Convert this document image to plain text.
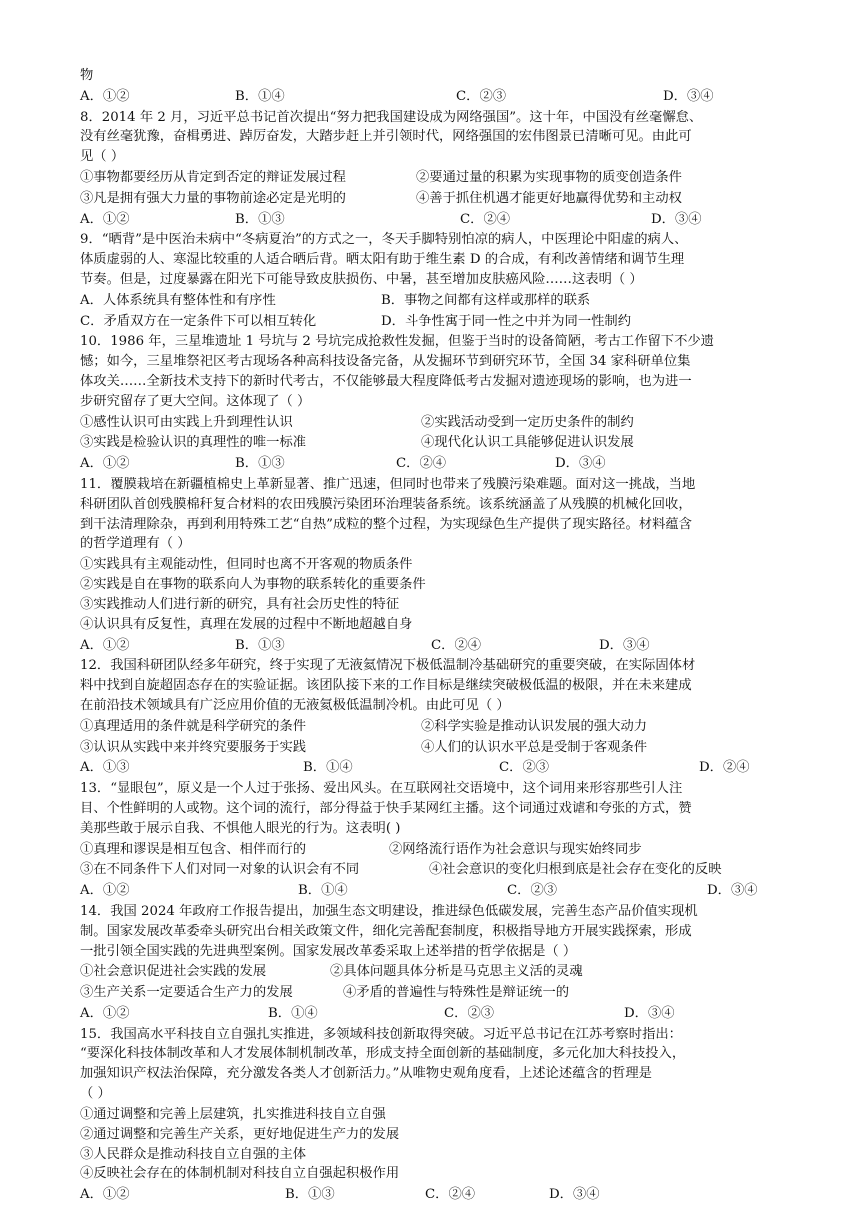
物
A．①②	B．①④	C．②③	D．③④
8．2014 年 2 月，习近平总书记首次提出“努力把我国建设成为网络强国”。这十年，中国没有丝毫懈怠、
没有丝毫犹豫，奋楫勇进、踔厉奋发，大踏步赶上并引领时代，网络强国的宏伟图景已清晰可见。由此可
见（ ）
①事物都要经历从肯定到否定的辩证发展过程	②要通过量的积累为实现事物的质变创造条件
③凡是拥有强大力量的事物前途必定是光明的	④善于抓住机遇才能更好地赢得优势和主动权
A．①②	B．①③	C．②④	D．③④
9．“晒背”是中医治未病中“冬病夏治”的方式之一，冬天手脚特别怕凉的病人，中医理论中阳虚的病人、
体质虚弱的人、寒湿比较重的人适合晒后背。晒太阳有助于维生素 D 的合成，有利改善情绪和调节生理
节奏。但是，过度暴露在阳光下可能导致皮肤损伤、中暑，甚至增加皮肤癌风险……这表明（ ）
A．人体系统具有整体性和有序性	B．事物之间都有这样或那样的联系
C．矛盾双方在一定条件下可以相互转化	D．斗争性寓于同一性之中并为同一性制约
10．1986 年，三星堆遗址 1 号坑与 2 号坑完成抢救性发掘，但鉴于当时的设备简陋，考古工作留下不少遗
憾；如今，三星堆祭祀区考古现场各种高科技设备完备，从发掘环节到研究环节，全国 34 家科研单位集
体攻关……全新技术支持下的新时代考古，不仅能够最大程度降低考古发掘对遗迹现场的影响，也为进一
步研究留存了更大空间。这体现了（ ）
①感性认识可由实践上升到理性认识	②实践活动受到一定历史条件的制约
③实践是检验认识的真理性的唯一标准	④现代化认识工具能够促进认识发展
A．①②	B．①③	C．②④	D．③④
11．覆膜栽培在新疆植棉史上革新显著、推广迅速，但同时也带来了残膜污染难题。面对这一挑战，当地
科研团队首创残膜棉秆复合材料的农田残膜污染团环治理装备系统。该系统涵盖了从残膜的机械化回收，
到干法清理除杂，再到利用特殊工艺“自热”成粒的整个过程，为实现绿色生产提供了现实路径。材料蕴含
的哲学道理有（ ）
①实践具有主观能动性，但同时也离不开客观的物质条件
②实践是自在事物的联系向人为事物的联系转化的重要条件
③实践推动人们进行新的研究，具有社会历史性的特征
④认识具有反复性，真理在发展的过程中不断地超越自身
A．①②	B．①③	C．②④	D．③④
12．我国科研团队经多年研究，终于实现了无液氦情况下极低温制冷基础研究的重要突破，在实际固体材
料中找到自旋超固态存在的实验证据。该团队接下来的工作目标是继续突破极低温的极限，并在未来建成
在前沿技术领域具有广泛应用价值的无液氦极低温制冷机。由此可见（ ）
①真理适用的条件就是科学研究的条件	②科学实验是推动认识发展的强大动力
③认识从实践中来并终究要服务于实践	④人们的认识水平总是受制于客观条件
A．①③	B．①④	C．②③	D．②④
13．“显眼包”，原义是一个人过于张扬、爱出风头。在互联网社交语境中，这个词用来形容那些引人注
目、个性鲜明的人或物。这个词的流行，部分得益于快手某网红主播。这个词通过戏谑和夸张的方式，赞
美那些敢于展示自我、不惧他人眼光的行为。这表明( )
①真理和谬误是相互包含、相伴而行的	②网络流行语作为社会意识与现实始终同步
③在不同条件下人们对同一对象的认识会有不同	④社会意识的变化归根到底是社会存在变化的反映
A．①②	B．①④	C．②③	D．③④
14．我国 2024 年政府工作报告提出，加强生态文明建设，推进绿色低碳发展，完善生态产品价值实现机
制。国家发展改革委牵头研究出台相关政策文件，细化完善配套制度，积极指导地方开展实践探索，形成
一批引领全国实践的先进典型案例。国家发展改革委采取上述举措的哲学依据是（ ）
①社会意识促进社会实践的发展	②具体问题具体分析是马克思主义活的灵魂
③生产关系一定要适合生产力的发展	④矛盾的普遍性与特殊性是辩证统一的
A．①②	B．①④	C．②③	D．③④
15．我国高水平科技自立自强扎实推进，多领域科技创新取得突破。习近平总书记在江苏考察时指出：
“要深化科技体制改革和人才发展体制机制改革，形成支持全面创新的基础制度，多元化加大科技投入，
加强知识产权法治保障，充分激发各类人才创新活力。”从唯物史观角度看，上述论述蕴含的哲理是
（ ）
①通过调整和完善上层建筑，扎实推进科技自立自强
②通过调整和完善生产关系，更好地促进生产力的发展
③人民群众是推动科技自立自强的主体
④反映社会存在的体制机制对科技自立自强起积极作用
A．①②	B．①③	C．②④	D．③④
